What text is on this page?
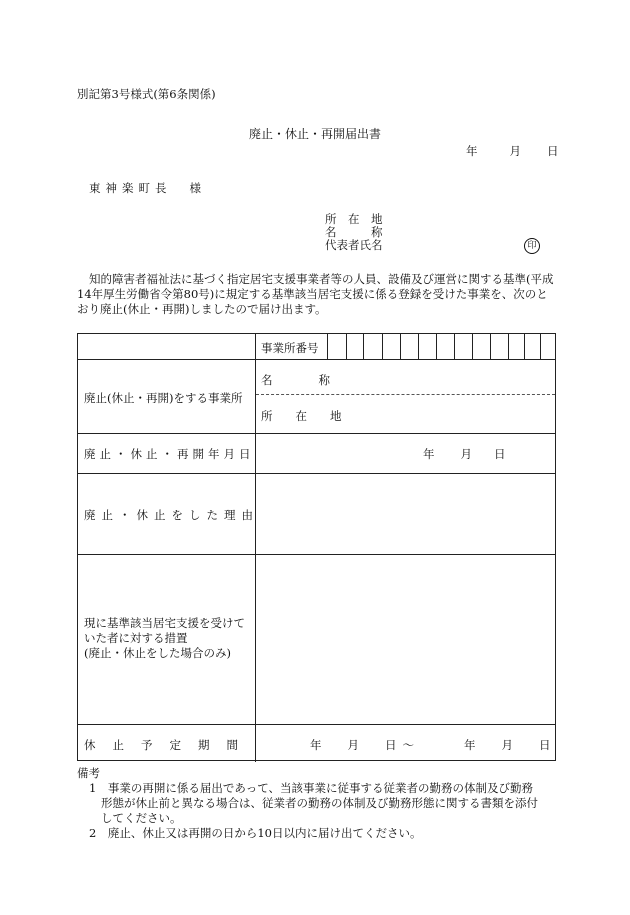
別記第3号様式(第6条関係)
廃止・休止・再開届出書
年	月 日
東神楽町長 様
所　在　地
名　　　称
代表者氏名	印
知的障害者福祉法に基づく指定居宅支援事業者等の人員、設備及び運営に関する基準(平成14年厚生労働省令第80号)に規定する基準該当居宅支援に係る登録を受けた事業を、次のとおり廃止(休止・再開)しましたので届け出ます。
事業所番号
廃止(休止・再開)をする事業所
名　　　　称
所　　在　　地
廃止・休止・再開年月日	年 月 日
廃止・休止をした理由
現に基準該当居宅支援を受けて
いた者に対する措置
(廃止・休止をした場合のみ)
休止予定期間	年 月 日 ～	年 月 日
備考
1　事業の再開に係る届出であって、当該事業に従事する従業者の勤務の体制及び勤務
形態が休止前と異なる場合は、従業者の勤務の体制及び勤務形態に関する書類を添付
してください。
2　廃止、休止又は再開の日から10日以内に届け出てください。
